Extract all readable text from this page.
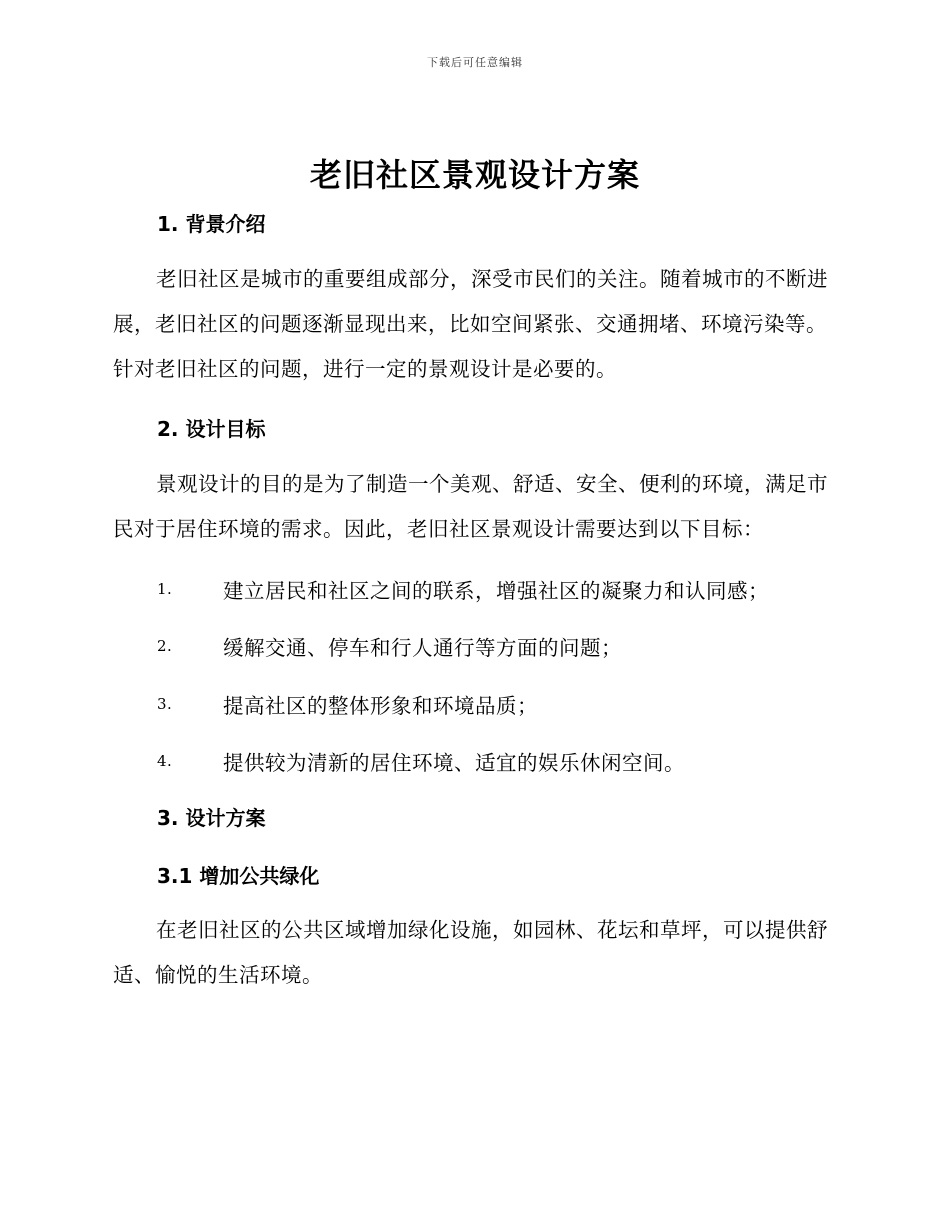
下载后可任意编辑
老旧社区景观设计方案
1. 背景介绍
老旧社区是城市的重要组成部分，深受市民们的关注。随着城市的不断进展，老旧社区的问题逐渐显现出来，比如空间紧张、交通拥堵、环境污染等。针对老旧社区的问题，进行一定的景观设计是必要的。
2. 设计目标
景观设计的目的是为了制造一个美观、舒适、安全、便利的环境，满足市民对于居住环境的需求。因此，老旧社区景观设计需要达到以下目标：
1. 建立居民和社区之间的联系，增强社区的凝聚力和认同感；
2. 缓解交通、停车和行人通行等方面的问题；
3. 提高社区的整体形象和环境品质；
4. 提供较为清新的居住环境、适宜的娱乐休闲空间。
3. 设计方案
3.1 增加公共绿化
在老旧社区的公共区域增加绿化设施，如园林、花坛和草坪，可以提供舒适、愉悦的生活环境。
